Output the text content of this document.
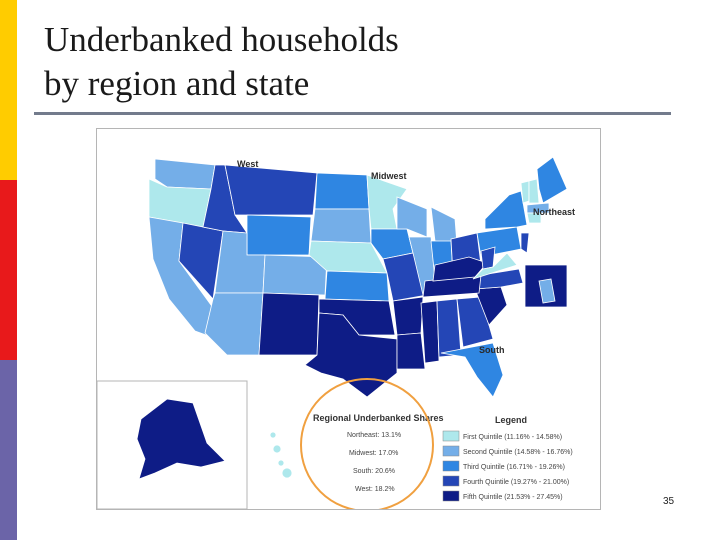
Underbanked households
by region and state
West
Midwest
Northeast
South
Regional Underbanked Shares
Northeast: 13.1%
Midwest: 17.0%
South: 20.6%
West: 18.2%
Legend
First Quintile (11.16% - 14.58%)
Second Quintile (14.58% - 16.76%)
Third Quintile (16.71% - 19.26%)
Fourth Quintile (19.27% - 21.00%)
Fifth Quintile (21.53% - 27.45%)	35
